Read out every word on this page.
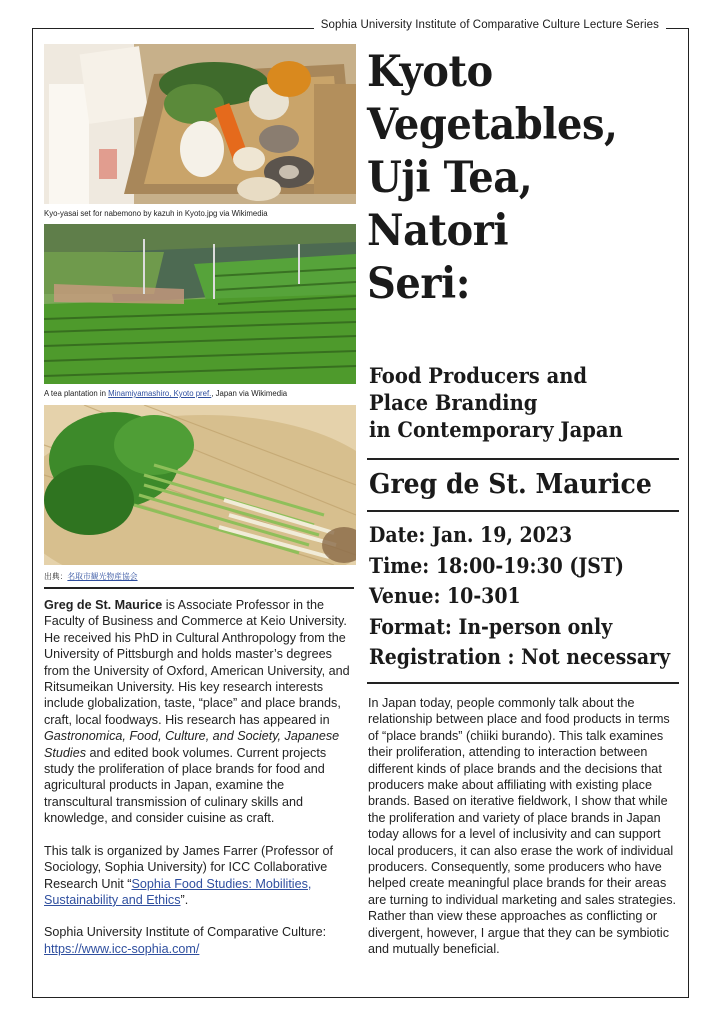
Sophia University Institute of Comparative Culture Lecture Series
Kyo-yasai set for nabemono by kazuh in Kyoto.jpg via Wikimedia
A tea plantation in Minamiyamashiro, Kyoto pref., Japan via Wikimedia
出典：名取市観光物産協会
Kyoto
Vegetables,
Uji Tea,
Natori
Seri:
Food Producers and
Place Branding
in Contemporary Japan
Greg de St. Maurice
Date: Jan. 19, 2023
Time: 18:00-19:30 (JST)
Venue: 10-301
Format: In-person only
Registration : Not necessary
In Japan today, people commonly talk about the relationship between place and food products in terms of “place brands” (chiiki burando). This talk examines their proliferation, attending to interaction between different kinds of place brands and the decisions that producers make about affiliating with existing place brands. Based on iterative fieldwork, I show that while the proliferation and variety of place brands in Japan today allows for a level of inclusivity and can support local producers, it can also erase the work of individual producers. Consequently, some producers who have helped create meaningful place brands for their areas are turning to individual marketing and sales strategies. Rather than view these approaches as conflicting or divergent, however, I argue that they can be symbiotic and mutually beneficial.

Greg de St. Maurice is Associate Professor in the Faculty of Business and Commerce at Keio University. He received his PhD in Cultural Anthropology from the University of Pittsburgh and holds master’s degrees from the University of Oxford, American University, and Ritsumeikan University. His key research interests include globalization, taste, “place” and place brands, craft, local foodways. His research has appeared in Gastronomica, Food, Culture, and Society, Japanese Studies and edited book volumes. Current projects study the proliferation of place brands for food and agricultural products in Japan, examine the transcultural transmission of culinary skills and knowledge, and consider cuisine as craft.

This talk is organized by James Farrer (Professor of Sociology, Sophia University) for ICC Collaborative Research Unit “Sophia Food Studies: Mobilities, Sustainability and Ethics”.

Sophia University Institute of Comparative Culture:
https://www.icc-sophia.com/
